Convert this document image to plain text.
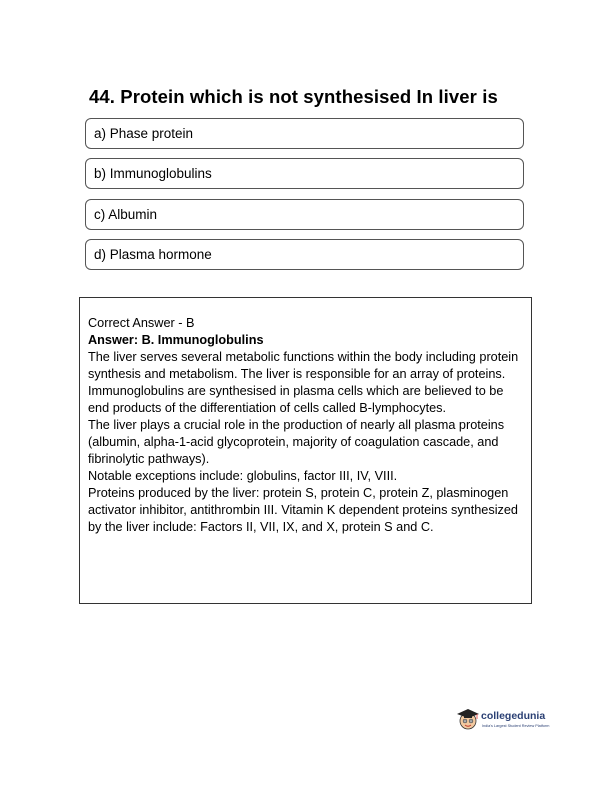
44. Protein which is not synthesised In liver is
a) Phase protein
b) Immunoglobulins
c) Albumin
d) Plasma hormone

Correct Answer - B

Answer: B. Immunoglobulins

The liver serves several metabolic functions within the body including protein synthesis and metabolism. The liver is responsible for an array of proteins.

Immunoglobulins are synthesised in plasma cells which are believed to be end products of the differentiation of cells called B-lymphocytes.

The liver plays a crucial role in the production of nearly all plasma proteins (albumin, alpha-1-acid glycoprotein, majority of coagulation cascade, and fibrinolytic pathways).

Notable exceptions include: globulins, factor III, IV, VIII.

Proteins produced by the liver: protein S, protein C, protein Z, plasminogen activator inhibitor, antithrombin III. Vitamin K dependent proteins synthesized by the liver include: Factors II, VII, IX, and X, protein S and C.

collegedunia
India's Largest Student Review Platform
